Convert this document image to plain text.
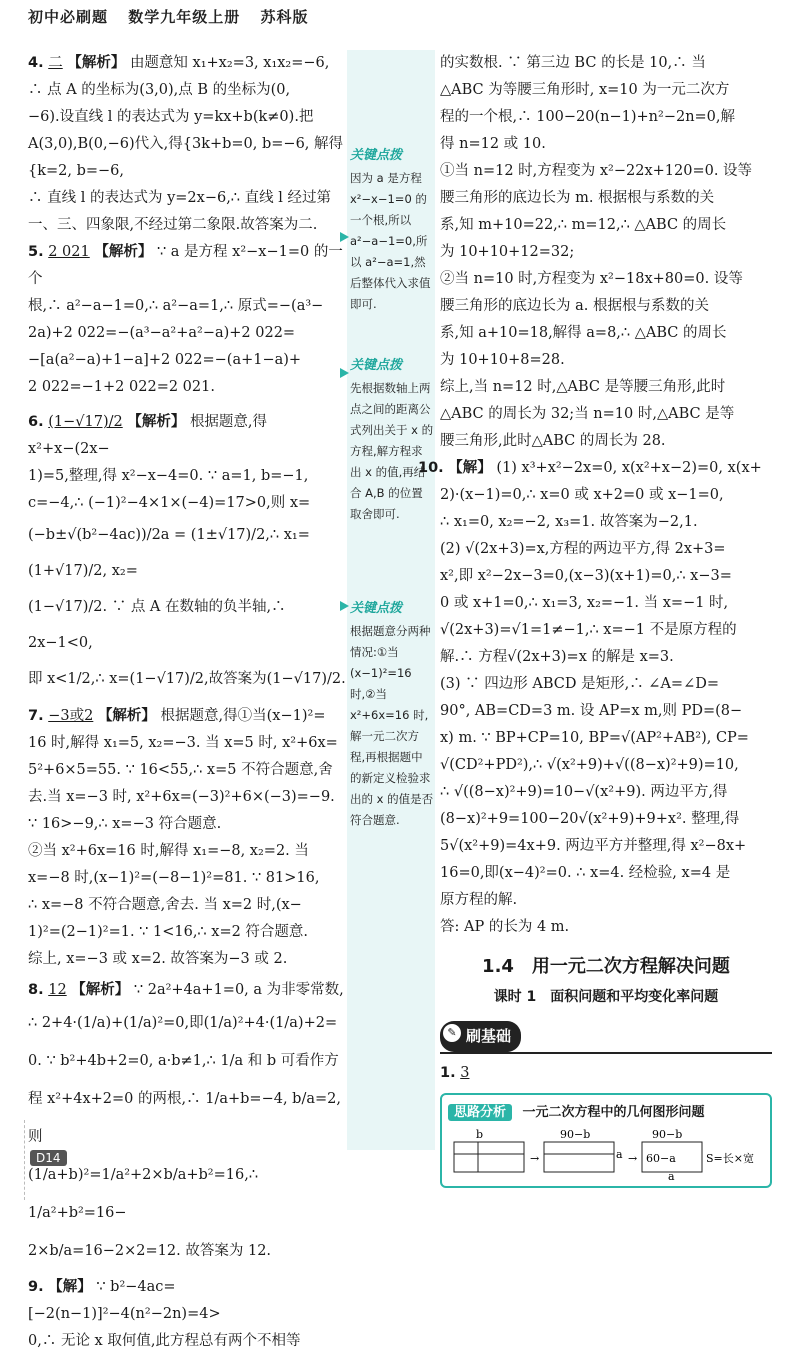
初中必刷题 数学九年级上册 苏科版

4. 二 【解析】 由题意知 x₁+x₂=3, x₁x₂=−6,

∴ 点 A 的坐标为(3,0),点 B 的坐标为(0,

−6).设直线 l 的表达式为 y=kx+b(k≠0).把

A(3,0),B(0,−6)代入,得{3k+b=0, b=−6, 解得{k=2, b=−6,

∴ 直线 l 的表达式为 y=2x−6,∴ 直线 l 经过第

一、三、四象限,不经过第二象限.故答案为二.

5. 2 021 【解析】 ∵ a 是方程 x²−x−1=0 的一个

根,∴ a²−a−1=0,∴ a²−a=1,∴ 原式=−(a³−

2a)+2 022=−(a³−a²+a²−a)+2 022=

−[a(a²−a)+1−a]+2 022=−(a+1−a)+

2 022=−1+2 022=2 021.

6. (1−√17)/2 【解析】 根据题意,得 x²+x−(2x−

1)=5,整理,得 x²−x−4=0. ∵ a=1, b=−1,

c=−4,∴ (−1)²−4×1×(−4)=17>0,则 x=

(−b±√(b²−4ac))/2a = (1±√17)/2,∴ x₁=(1+√17)/2, x₂=

(1−√17)/2. ∵ 点 A 在数轴的负半轴,∴ 2x−1<0,

即 x<1/2,∴ x=(1−√17)/2,故答案为(1−√17)/2.

7. −3或2 【解析】 根据题意,得①当(x−1)²=

16 时,解得 x₁=5, x₂=−3. 当 x=5 时, x²+6x=

5²+6×5=55. ∵ 16<55,∴ x=5 不符合题意,舍

去.当 x=−3 时, x²+6x=(−3)²+6×(−3)=−9.

∵ 16>−9,∴ x=−3 符合题意.

②当 x²+6x=16 时,解得 x₁=−8, x₂=2. 当

x=−8 时,(x−1)²=(−8−1)²=81. ∵ 81>16,

∴ x=−8 不符合题意,舍去. 当 x=2 时,(x−

1)²=(2−1)²=1. ∵ 1<16,∴ x=2 符合题意.

综上, x=−3 或 x=2. 故答案为−3 或 2.

8. 12 【解析】 ∵ 2a²+4a+1=0, a 为非零常数,

∴ 2+4·(1/a)+(1/a)²=0,即(1/a)²+4·(1/a)+2=

0. ∵ b²+4b+2=0, a·b≠1,∴ 1/a 和 b 可看作方

程 x²+4x+2=0 的两根,∴ 1/a+b=−4, b/a=2,则

(1/a+b)²=1/a²+2×b/a+b²=16,∴ 1/a²+b²=16−

2×b/a=16−2×2=12. 故答案为 12.

9. 【解】 ∵ b²−4ac=[−2(n−1)]²−4(n²−2n)=4>

0,∴ 无论 x 取何值,此方程总有两个不相等

关键点拨
因为 a 是方程 x²−x−1=0 的一个根,所以 a²−a−1=0,所以 a²−a=1,然后整体代入求值即可.
关键点拨
先根据数轴上两点之间的距离公式列出关于 x 的方程,解方程求出 x 的值,再结合 A,B 的位置取舍即可.
关键点拨
根据题意分两种情况:①当(x−1)²=16时,②当 x²+6x=16 时,解一元二次方程,再根据题中的新定义检验求出的 x 的值是否符合题意.

的实数根. ∵ 第三边 BC 的长是 10,∴ 当

△ABC 为等腰三角形时, x=10 为一元二次方

程的一个根,∴ 100−20(n−1)+n²−2n=0,解

得 n=12 或 10.

①当 n=12 时,方程变为 x²−22x+120=0. 设等

腰三角形的底边长为 m. 根据根与系数的关

系,知 m+10=22,∴ m=12,∴ △ABC 的周长

为 10+10+12=32;

②当 n=10 时,方程变为 x²−18x+80=0. 设等

腰三角形的底边长为 a. 根据根与系数的关

系,知 a+10=18,解得 a=8,∴ △ABC 的周长

为 10+10+8=28.

综上,当 n=12 时,△ABC 是等腰三角形,此时

△ABC 的周长为 32;当 n=10 时,△ABC 是等

腰三角形,此时△ABC 的周长为 28.

10. 【解】 (1) x³+x²−2x=0, x(x²+x−2)=0, x(x+

2)·(x−1)=0,∴ x=0 或 x+2=0 或 x−1=0,

∴ x₁=0, x₂=−2, x₃=1. 故答案为−2,1.

(2) √(2x+3)=x,方程的两边平方,得 2x+3=

x²,即 x²−2x−3=0,(x−3)(x+1)=0,∴ x−3=

0 或 x+1=0,∴ x₁=3, x₂=−1. 当 x=−1 时,

√(2x+3)=√1=1≠−1,∴ x=−1 不是原方程的

解.∴ 方程√(2x+3)=x 的解是 x=3.

(3) ∵ 四边形 ABCD 是矩形,∴ ∠A=∠D=

90°, AB=CD=3 m. 设 AP=x m,则 PD=(8−

x) m. ∵ BP+CP=10, BP=√(AP²+AB²), CP=

√(CD²+PD²),∴ √(x²+9)+√((8−x)²+9)=10,

∴ √((8−x)²+9)=10−√(x²+9). 两边平方,得

(8−x)²+9=100−20√(x²+9)+9+x². 整理,得

5√(x²+9)=4x+9. 两边平方并整理,得 x²−8x+

16=0,即(x−4)²=0. ∴ x=4. 经检验, x=4 是

原方程的解.

答: AP 的长为 4 m.

1.4　用一元二次方程解决问题
课时 1　面积问题和平均变化率问题
✎ 刷基础

1. 3

思路分析 一元二次方程中的几何图形问题
b
→
90−b
a →
90−b
60−a
a
S=长×宽
D14
